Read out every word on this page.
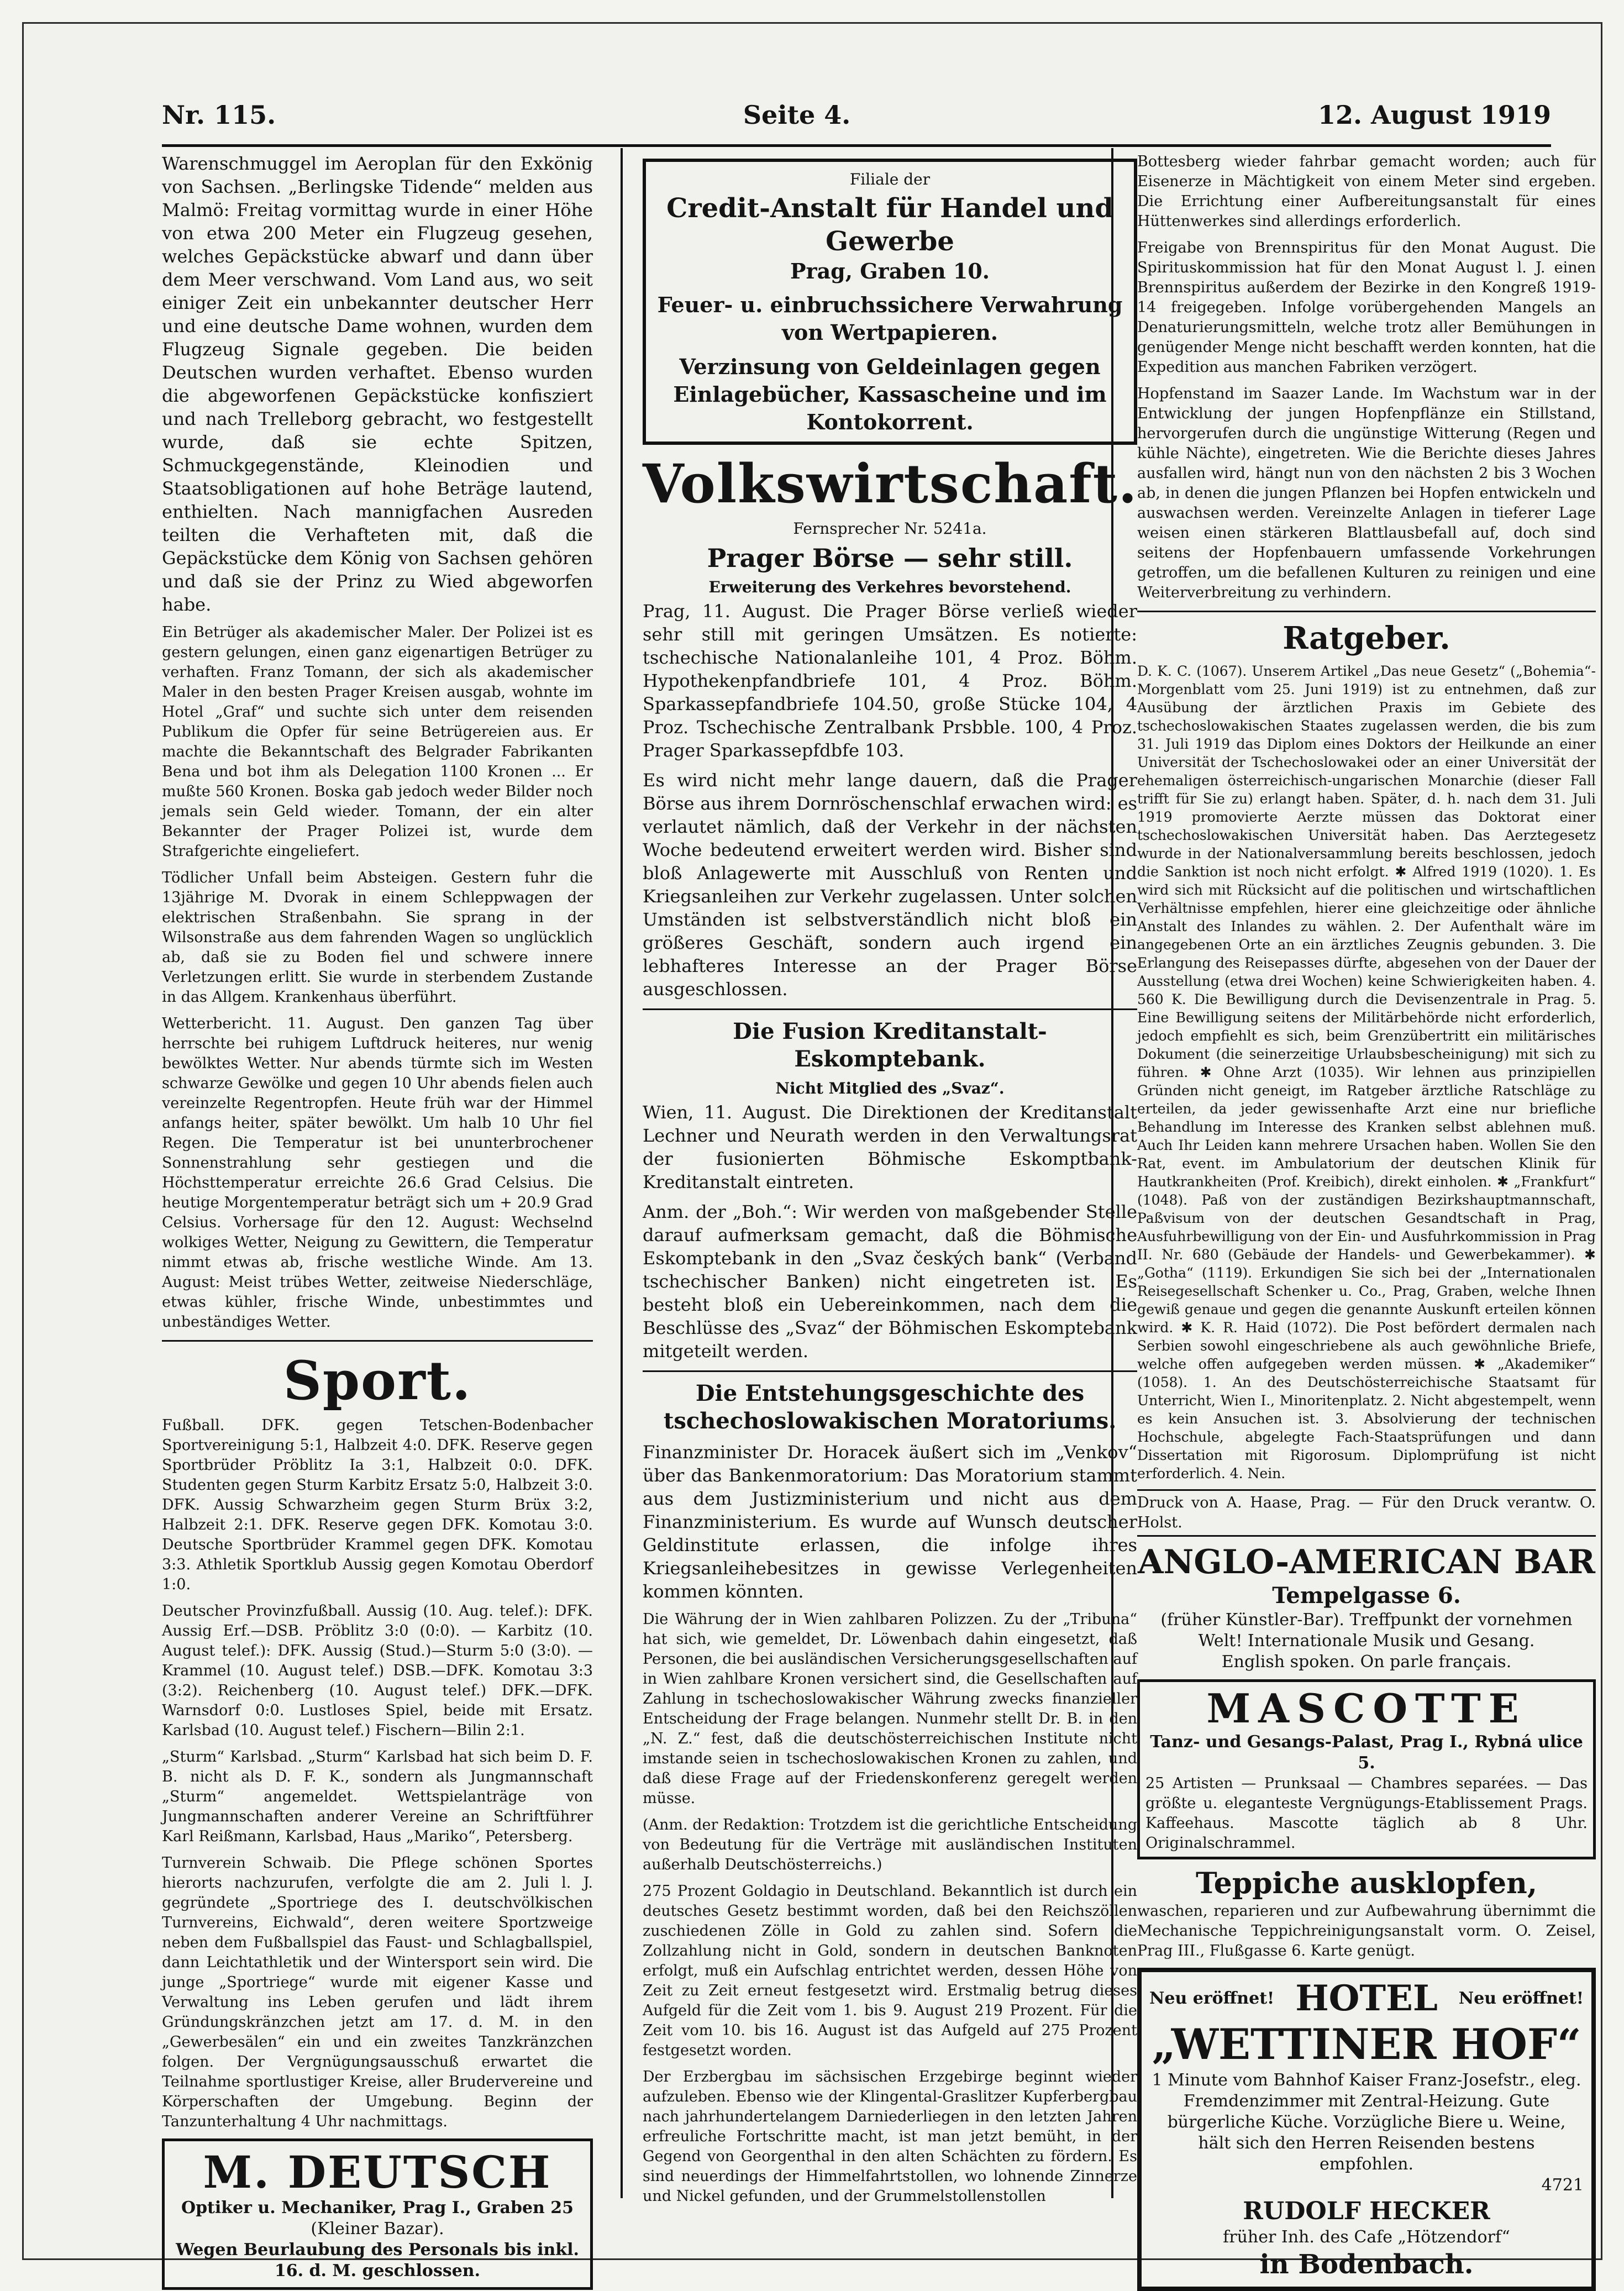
Nr. 115.	Seite 4.	12. August 1919

Warenschmuggel im Aeroplan für den Exkönig von Sachsen. „Berlingske Tidende“ melden aus Malmö: Freitag vormittag wurde in einer Höhe von etwa 200 Meter ein Flugzeug gesehen, welches Gepäckstücke abwarf und dann über dem Meer verschwand. Vom Land aus, wo seit einiger Zeit ein unbekannter deutscher Herr und eine deutsche Dame wohnen, wurden dem Flugzeug Signale gegeben. Die beiden Deutschen wurden verhaftet. Ebenso wurden die abgeworfenen Gepäckstücke konfisziert und nach Trelleborg gebracht, wo festgestellt wurde, daß sie echte Spitzen, Schmuckgegenstände, Kleinodien und Staatsobligationen auf hohe Beträge lautend, enthielten. Nach mannigfachen Ausreden teilten die Verhafteten mit, daß die Gepäckstücke dem König von Sachsen gehören und daß sie der Prinz zu Wied abgeworfen habe.

Ein Betrüger als akademischer Maler. Der Polizei ist es gestern gelungen, einen ganz eigenartigen Betrüger zu verhaften. Franz Tomann, der sich als akademischer Maler in den besten Prager Kreisen ausgab, wohnte im Hotel „Graf“ und suchte sich unter dem reisenden Publikum die Opfer für seine Betrügereien aus. Er machte die Bekanntschaft des Belgrader Fabrikanten Bena und bot ihm als Delegation 1100 Kronen ... Er mußte 560 Kronen. Boska gab jedoch weder Bilder noch jemals sein Geld wieder. Tomann, der ein alter Bekannter der Prager Polizei ist, wurde dem Strafgerichte eingeliefert.

Tödlicher Unfall beim Absteigen. Gestern fuhr die 13jährige M. Dvorak in einem Schleppwagen der elektrischen Straßenbahn. Sie sprang in der Wilsonstraße aus dem fahrenden Wagen so unglücklich ab, daß sie zu Boden fiel und schwere innere Verletzungen erlitt. Sie wurde in sterbendem Zustande in das Allgem. Krankenhaus überführt.

Wetterbericht. 11. August. Den ganzen Tag über herrschte bei ruhigem Luftdruck heiteres, nur wenig bewölktes Wetter. Nur abends türmte sich im Westen schwarze Gewölke und gegen 10 Uhr abends fielen auch vereinzelte Regentropfen. Heute früh war der Himmel anfangs heiter, später bewölkt. Um halb 10 Uhr fiel Regen. Die Temperatur ist bei ununterbrochener Sonnenstrahlung sehr gestiegen und die Höchsttemperatur erreichte 26.6 Grad Celsius. Die heutige Morgentemperatur beträgt sich um + 20.9 Grad Celsius. Vorhersage für den 12. August: Wechselnd wolkiges Wetter, Neigung zu Gewittern, die Temperatur nimmt etwas ab, frische westliche Winde. Am 13. August: Meist trübes Wetter, zeitweise Niederschläge, etwas kühler, frische Winde, unbestimmtes und unbeständiges Wetter.

Sport.

Fußball. DFK. gegen Tetschen-Bodenbacher Sportvereinigung 5:1, Halbzeit 4:0. DFK. Reserve gegen Sportbrüder Pröblitz Ia 3:1, Halbzeit 0:0. DFK. Studenten gegen Sturm Karbitz Ersatz 5:0, Halbzeit 3:0. DFK. Aussig Schwarzheim gegen Sturm Brüx 3:2, Halbzeit 2:1. DFK. Reserve gegen DFK. Komotau 3:0. Deutsche Sportbrüder Krammel gegen DFK. Komotau 3:3. Athletik Sportklub Aussig gegen Komotau Oberdorf 1:0.

Deutscher Provinzfußball. Aussig (10. Aug. telef.): DFK. Aussig Erf.—DSB. Pröblitz 3:0 (0:0). — Karbitz (10. August telef.): DFK. Aussig (Stud.)—Sturm 5:0 (3:0). — Krammel (10. August telef.) DSB.—DFK. Komotau 3:3 (3:2). Reichenberg (10. August telef.) DFK.—DFK. Warnsdorf 0:0. Lustloses Spiel, beide mit Ersatz. Karlsbad (10. August telef.) Fischern—Bilin 2:1.

„Sturm“ Karlsbad. „Sturm“ Karlsbad hat sich beim D. F. B. nicht als D. F. K., sondern als Jungmannschaft „Sturm“ angemeldet. Wettspielanträge von Jungmannschaften anderer Vereine an Schriftführer Karl Reißmann, Karlsbad, Haus „Mariko“, Petersberg.

Turnverein Schwaib. Die Pflege schönen Sportes hierorts nachzurufen, verfolgte die am 2. Juli l. J. gegründete „Sportriege des I. deutschvölkischen Turnvereins, Eichwald“, deren weitere Sportzweige neben dem Fußballspiel das Faust- und Schlagballspiel, dann Leichtathletik und der Wintersport sein wird. Die junge „Sportriege“ wurde mit eigener Kasse und Verwaltung ins Leben gerufen und lädt ihrem Gründungskränzchen jetzt am 17. d. M. in den „Gewerbesälen“ ein und ein zweites Tanzkränzchen folgen. Der Vergnügungsausschuß erwartet die Teilnahme sportlustiger Kreise, aller Brudervereine und Körperschaften der Umgebung. Beginn der Tanzunterhaltung 4 Uhr nachmittags.

M. DEUTSCH
Optiker u. Mechaniker, Prag I., Graben 25
(Kleiner Bazar).
Wegen Beurlaubung des Personals bis inkl.
16. d. M. geschlossen.
Filiale der
Credit-Anstalt für Handel und Gewerbe
Prag, Graben 10.
Feuer- u. einbruchssichere Verwahrung von Wertpapieren.
Verzinsung von Geldeinlagen gegen Einlagebücher, Kassascheine und im Kontokorrent.
Volkswirtschaft.
Fernsprecher Nr. 5241a.
Prager Börse — sehr still.
Erweiterung des Verkehres bevorstehend.

Prag, 11. August. Die Prager Börse verließ wieder sehr still mit geringen Umsätzen. Es notierte: tschechische Nationalanleihe 101, 4 Proz. Böhm. Hypothekenpfandbriefe 101, 4 Proz. Böhm. Sparkassepfandbriefe 104.50, große Stücke 104, 4 Proz. Tschechische Zentralbank Prsbble. 100, 4 Proz. Prager Sparkassepfdbfe 103.

Es wird nicht mehr lange dauern, daß die Prager Börse aus ihrem Dornröschenschlaf erwachen wird: es verlautet nämlich, daß der Verkehr in der nächsten Woche bedeutend erweitert werden wird. Bisher sind bloß Anlagewerte mit Ausschluß von Renten und Kriegsanleihen zur Verkehr zugelassen. Unter solchen Umständen ist selbstverständlich nicht bloß ein größeres Geschäft, sondern auch irgend ein lebhafteres Interesse an der Prager Börse ausgeschlossen.

Die Fusion Kreditanstalt-Eskomptebank.
Nicht Mitglied des „Svaz“.

Wien, 11. August. Die Direktionen der Kreditanstalt Lechner und Neurath werden in den Verwaltungsrat der fusionierten Böhmische Eskomptbank-Kreditanstalt eintreten.

Anm. der „Boh.“: Wir werden von maßgebender Stelle darauf aufmerksam gemacht, daß die Böhmische Eskomptebank in den „Svaz českých bank“ (Verband tschechischer Banken) nicht eingetreten ist. Es besteht bloß ein Uebereinkommen, nach dem die Beschlüsse des „Svaz“ der Böhmischen Eskomptebank mitgeteilt werden.

Die Entstehungsgeschichte des tschechoslowakischen Moratoriums.

Finanzminister Dr. Horacek äußert sich im „Venkov“ über das Bankenmoratorium: Das Moratorium stammt aus dem Justizministerium und nicht aus dem Finanzministerium. Es wurde auf Wunsch deutscher Geldinstitute erlassen, die infolge ihres Kriegsanleihebesitzes in gewisse Verlegenheiten kommen könnten.

Die Währung der in Wien zahlbaren Polizzen. Zu der „Tribuna“ hat sich, wie gemeldet, Dr. Löwenbach dahin eingesetzt, daß Personen, die bei ausländischen Versicherungsgesellschaften auf in Wien zahlbare Kronen versichert sind, die Gesellschaften auf Zahlung in tschechoslowakischer Währung zwecks finanzieller Entscheidung der Frage belangen. Nunmehr stellt Dr. B. in den „N. Z.“ fest, daß die deutschösterreichischen Institute nicht imstande seien in tschechoslowakischen Kronen zu zahlen, und daß diese Frage auf der Friedenskonferenz geregelt werden müsse.

(Anm. der Redaktion: Trotzdem ist die gerichtliche Entscheidung von Bedeutung für die Verträge mit ausländischen Instituten außerhalb Deutschösterreichs.)

275 Prozent Goldagio in Deutschland. Bekanntlich ist durch ein deutsches Gesetz bestimmt worden, daß bei den Reichszöllen zuschiedenen Zölle in Gold zu zahlen sind. Sofern die Zollzahlung nicht in Gold, sondern in deutschen Banknoten erfolgt, muß ein Aufschlag entrichtet werden, dessen Höhe von Zeit zu Zeit erneut festgesetzt wird. Erstmalig betrug dieses Aufgeld für die Zeit vom 1. bis 9. August 219 Prozent. Für die Zeit vom 10. bis 16. August ist das Aufgeld auf 275 Prozent festgesetzt worden.

Der Erzbergbau im sächsischen Erzgebirge beginnt wieder aufzuleben. Ebenso wie der Klingental-Graslitzer Kupferbergbau nach jahrhundertelangem Darniederliegen in den letzten Jahren erfreuliche Fortschritte macht, ist man jetzt bemüht, in der Gegend von Georgenthal in den alten Schächten zu fördern. Es sind neuerdings der Himmelfahrtstollen, wo lohnende Zinnerze und Nickel gefunden, und der Grummelstollenstollen

Bottesberg wieder fahrbar gemacht worden; auch für Eisenerze in Mächtigkeit von einem Meter sind ergeben. Die Errichtung einer Aufbereitungsanstalt für eines Hüttenwerkes sind allerdings erforderlich.

Freigabe von Brennspiritus für den Monat August. Die Spirituskommission hat für den Monat August l. J. einen Brennspiritus außerdem der Bezirke in den Kongreß 1919-14 freigegeben. Infolge vorübergehenden Mangels an Denaturierungsmitteln, welche trotz aller Bemühungen in genügender Menge nicht beschafft werden konnten, hat die Expedition aus manchen Fabriken verzögert.

Hopfenstand im Saazer Lande. Im Wachstum war in der Entwicklung der jungen Hopfenpflänze ein Stillstand, hervorgerufen durch die ungünstige Witterung (Regen und kühle Nächte), eingetreten. Wie die Berichte dieses Jahres ausfallen wird, hängt nun von den nächsten 2 bis 3 Wochen ab, in denen die jungen Pflanzen bei Hopfen entwickeln und auswachsen werden. Vereinzelte Anlagen in tieferer Lage weisen einen stärkeren Blattlausbefall auf, doch sind seitens der Hopfenbauern umfassende Vorkehrungen getroffen, um die befallenen Kulturen zu reinigen und eine Weiterverbreitung zu verhindern.

Ratgeber.

D. K. C. (1067). Unserem Artikel „Das neue Gesetz“ („Bohemia“-Morgenblatt vom 25. Juni 1919) ist zu entnehmen, daß zur Ausübung der ärztlichen Praxis im Gebiete des tschechoslowakischen Staates zugelassen werden, die bis zum 31. Juli 1919 das Diplom eines Doktors der Heilkunde an einer Universität der Tschechoslowakei oder an einer Universität der ehemaligen österreichisch-ungarischen Monarchie (dieser Fall trifft für Sie zu) erlangt haben. Später, d. h. nach dem 31. Juli 1919 promovierte Aerzte müssen das Doktorat einer tschechoslowakischen Universität haben. Das Aerztegesetz wurde in der Nationalversammlung bereits beschlossen, jedoch die Sanktion ist noch nicht erfolgt. ✱ Alfred 1919 (1020). 1. Es wird sich mit Rücksicht auf die politischen und wirtschaftlichen Verhältnisse empfehlen, hierer eine gleichzeitige oder ähnliche Anstalt des Inlandes zu wählen. 2. Der Aufenthalt wäre im angegebenen Orte an ein ärztliches Zeugnis gebunden. 3. Die Erlangung des Reisepasses dürfte, abgesehen von der Dauer der Ausstellung (etwa drei Wochen) keine Schwierigkeiten haben. 4. 560 K. Die Bewilligung durch die Devisenzentrale in Prag. 5. Eine Bewilligung seitens der Militärbehörde nicht erforderlich, jedoch empfiehlt es sich, beim Grenzübertritt ein militärisches Dokument (die seinerzeitige Urlaubsbescheinigung) mit sich zu führen. ✱ Ohne Arzt (1035). Wir lehnen aus prinzipiellen Gründen nicht geneigt, im Ratgeber ärztliche Ratschläge zu erteilen, da jeder gewissenhafte Arzt eine nur briefliche Behandlung im Interesse des Kranken selbst ablehnen muß. Auch Ihr Leiden kann mehrere Ursachen haben. Wollen Sie den Rat, event. im Ambulatorium der deutschen Klinik für Hautkrankheiten (Prof. Kreibich), direkt einholen. ✱ „Frankfurt“ (1048). Paß von der zuständigen Bezirkshauptmannschaft, Paßvisum von der deutschen Gesandtschaft in Prag, Ausfuhrbewilligung von der Ein- und Ausfuhrkommission in Prag II. Nr. 680 (Gebäude der Handels- und Gewerbekammer). ✱ „Gotha“ (1119). Erkundigen Sie sich bei der „Internationalen Reisegesellschaft Schenker u. Co., Prag, Graben, welche Ihnen gewiß genaue und gegen die genannte Auskunft erteilen können wird. ✱ K. R. Haid (1072). Die Post befördert dermalen nach Serbien sowohl eingeschriebene als auch gewöhnliche Briefe, welche offen aufgegeben werden müssen. ✱ „Akademiker“ (1058). 1. An des Deutschösterreichische Staatsamt für Unterricht, Wien I., Minoritenplatz. 2. Nicht abgestempelt, wenn es kein Ansuchen ist. 3. Absolvierung der technischen Hochschule, abgelegte Fach-Staatsprüfungen und dann Dissertation mit Rigorosum. Diplomprüfung ist nicht erforderlich. 4. Nein.

Druck von A. Haase, Prag. — Für den Druck verantw. O. Holst.
ANGLO-AMERICAN BAR
Tempelgasse 6.
(früher Künstler-Bar). Treffpunkt der vornehmen Welt! Internationale Musik und Gesang.
English spoken. On parle français.
MASCOTTE
Tanz- und Gesangs-Palast, Prag I., Rybná ulice 5.
25 Artisten — Prunksaal — Chambres separées. — Das größte u. eleganteste Vergnügungs-Etablissement Prags. Kaffeehaus. Mascotte täglich ab 8 Uhr. Originalschrammel.
Teppiche ausklopfen,
waschen, reparieren und zur Aufbewahrung übernimmt die Mechanische Teppichreinigungsanstalt vorm. O. Zeisel, Prag III., Flußgasse 6. Karte genügt.
Neu eröffnet! HOTEL Neu eröffnet!
„WETTINER HOF“
1 Minute vom Bahnhof Kaiser Franz-Josefstr., eleg. Fremdenzimmer mit Zentral-Heizung. Gute bürgerliche Küche. Vorzügliche Biere u. Weine, hält sich den Herren Reisenden bestens empfohlen.
4721
RUDOLF HECKER
früher Inh. des Cafe „Hötzendorf“
in Bodenbach.
